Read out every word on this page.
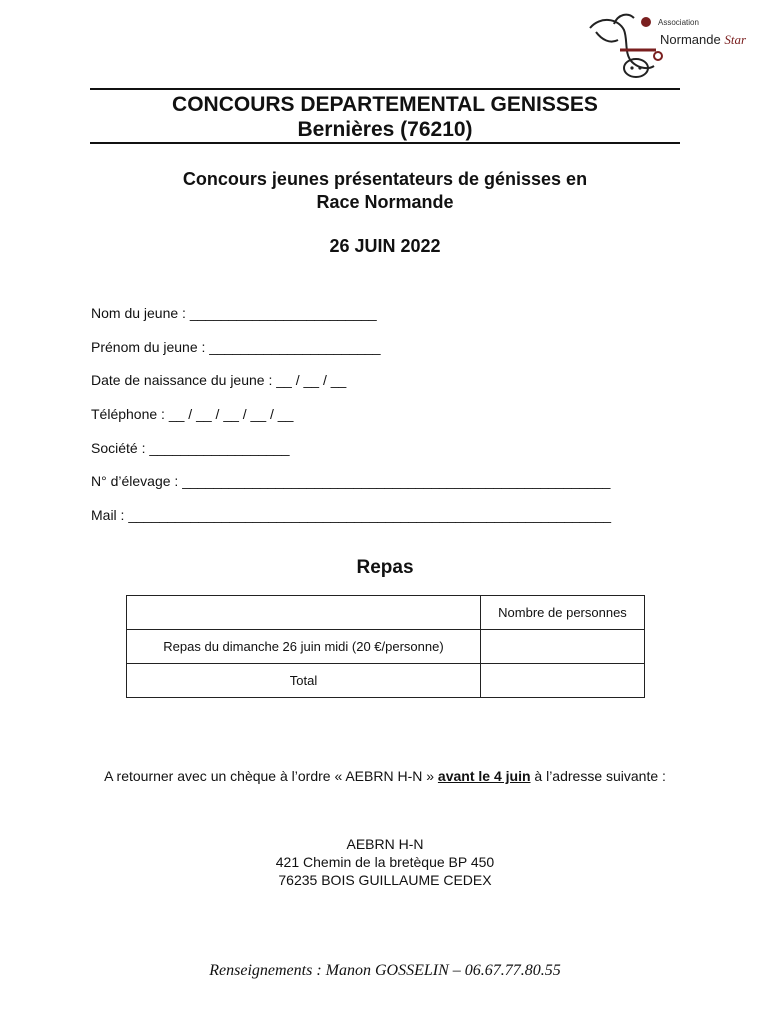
Association
Normande Star
CONCOURS DEPARTEMENTAL GENISSES
Bernières (76210)
Concours jeunes présentateurs de génisses en
Race Normande
26 JUIN 2022
Nom du jeune : ________________________
Prénom du jeune : ______________________
Date de naissance du jeune : __ / __ / __
Téléphone : __ / __ / __ / __ / __
Société : __________________
N° d’élevage : _______________________________________________________
Mail : ______________________________________________________________
Repas
	Nombre de personnes
Repas du dimanche 26 juin midi (20 €/personne)	
Total	
A retourner avec un chèque à l’ordre « AEBRN H-N » avant le 4 juin à l’adresse suivante :
AEBRN H-N
421 Chemin de la bretèque BP 450
76235 BOIS GUILLAUME CEDEX
Renseignements : Manon GOSSELIN – 06.67.77.80.55
